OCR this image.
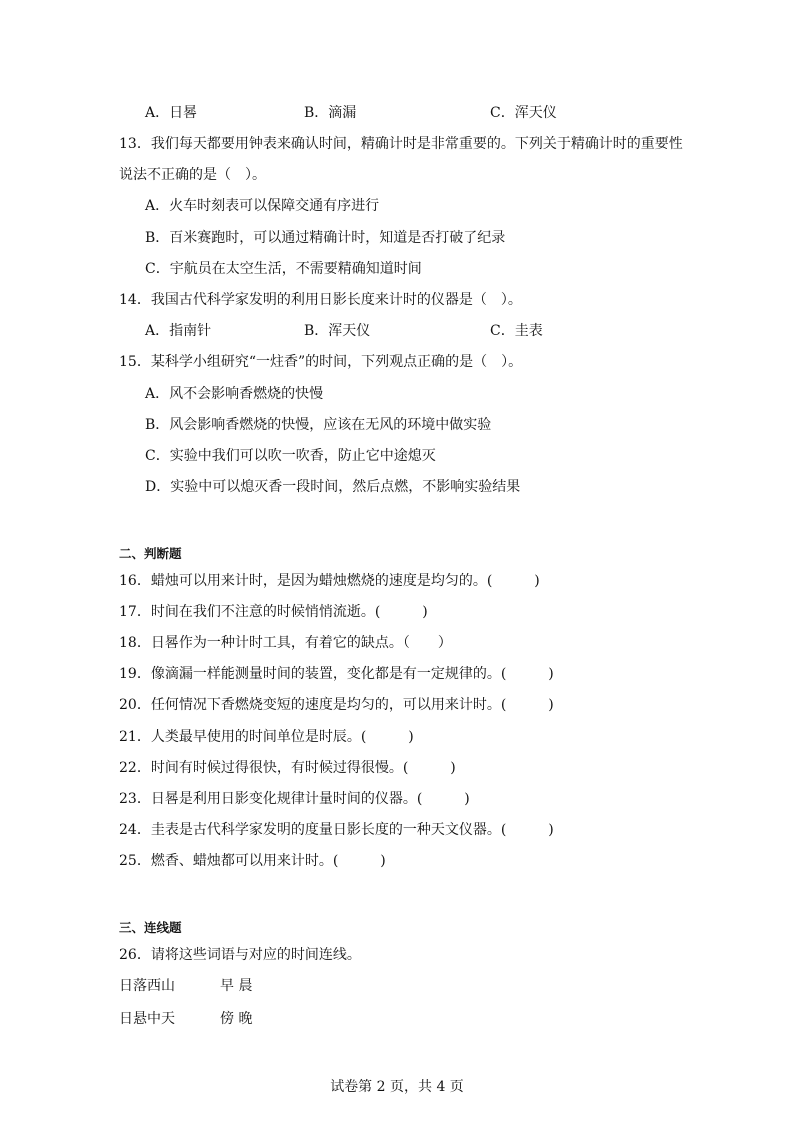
A．日晷	B．滴漏	C．浑天仪
13．我们每天都要用钟表来确认时间，精确计时是非常重要的。下列关于精确计时的重要性
说法不正确的是（　）。
A．火车时刻表可以保障交通有序进行
B．百米赛跑时，可以通过精确计时，知道是否打破了纪录
C．宇航员在太空生活，不需要精确知道时间
14．我国古代科学家发明的利用日影长度来计时的仪器是（　）。
A．指南针	B．浑天仪	C．圭表
15．某科学小组研究“一炷香”的时间，下列观点正确的是（　）。
A．风不会影响香燃烧的快慢
B．风会影响香燃烧的快慢，应该在无风的环境中做实验
C．实验中我们可以吹一吹香，防止它中途熄灭
D．实验中可以熄灭香一段时间，然后点燃，不影响实验结果
二、判断题
16．蜡烛可以用来计时，是因为蜡烛燃烧的速度是均匀的。(　　　)
17．时间在我们不注意的时候悄悄流逝。(　　　)
18．日晷作为一种计时工具，有着它的缺点。（　　）
19．像滴漏一样能测量时间的装置，变化都是有一定规律的。(　　　)
20．任何情况下香燃烧变短的速度是均匀的，可以用来计时。(　　　)
21．人类最早使用的时间单位是时辰。(　　　)
22．时间有时候过得很快，有时候过得很慢。(　　　)
23．日晷是利用日影变化规律计量时间的仪器。(　　　)
24．圭表是古代科学家发明的度量日影长度的一种天文仪器。(　　　)
25．燃香、蜡烛都可以用来计时。(　　　)
三、连线题
26．请将这些词语与对应的时间连线。
日落西山	早 晨
日悬中天	傍 晚
试卷第 2 页，共 4 页
